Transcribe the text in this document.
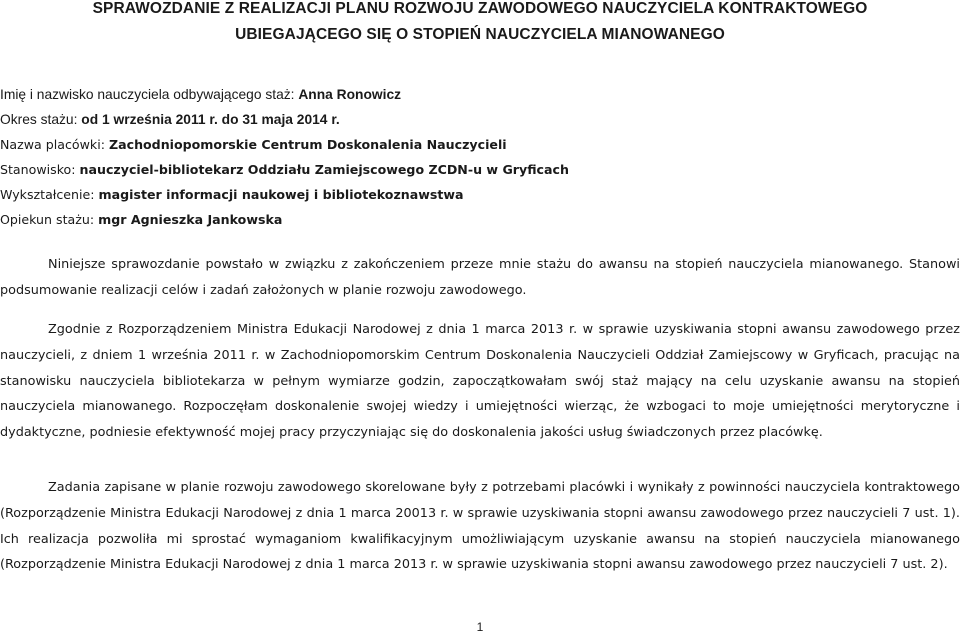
SPRAWOZDANIE Z REALIZACJI PLANU ROZWOJU ZAWODOWEGO NAUCZYCIELA KONTRAKTOWEGO
UBIEGAJĄCEGO SIĘ O STOPIEŃ NAUCZYCIELA MIANOWANEGO
Imię i nazwisko nauczyciela odbywającego staż: Anna Ronowicz
Okres stażu: od 1 września 2011 r. do 31 maja 2014 r.
Nazwa placówki: Zachodniopomorskie Centrum Doskonalenia Nauczycieli
Stanowisko: nauczyciel-bibliotekarz Oddziału Zamiejscowego ZCDN-u w Gryficach
Wykształcenie: magister informacji naukowej i bibliotekoznawstwa
Opiekun stażu: mgr Agnieszka Jankowska
Niniejsze sprawozdanie powstało w związku z zakończeniem przeze mnie stażu do awansu na stopień nauczyciela mianowanego. Stanowi podsumowanie realizacji celów i zadań założonych w planie rozwoju zawodowego.
Zgodnie z Rozporządzeniem Ministra Edukacji Narodowej z dnia 1 marca 2013 r. w sprawie uzyskiwania stopni awansu zawodowego przez nauczycieli, z dniem 1 września 2011 r. w Zachodniopomorskim Centrum Doskonalenia Nauczycieli Oddział Zamiejscowy w Gryficach, pracując na stanowisku nauczyciela bibliotekarza w pełnym wymiarze godzin, zapoczątkowałam swój staż mający na celu uzyskanie awansu na stopień nauczyciela mianowanego. Rozpoczęłam doskonalenie swojej wiedzy i umiejętności wierząc, że wzbogaci to moje umiejętności merytoryczne i dydaktyczne, podniesie efektywność mojej pracy przyczyniając się do doskonalenia jakości usług świadczonych przez placówkę.
Zadania zapisane w planie rozwoju zawodowego skorelowane były z potrzebami placówki i wynikały z powinności nauczyciela kontraktowego (Rozporządzenie Ministra Edukacji Narodowej z dnia 1 marca 20013 r. w sprawie uzyskiwania stopni awansu zawodowego przez nauczycieli 7 ust. 1). Ich realizacja pozwoliła mi sprostać wymaganiom kwalifikacyjnym umożliwiającym uzyskanie awansu na stopień nauczyciela mianowanego (Rozporządzenie Ministra Edukacji Narodowej z dnia 1 marca 2013 r. w sprawie uzyskiwania stopni awansu zawodowego przez nauczycieli 7 ust. 2).
1
